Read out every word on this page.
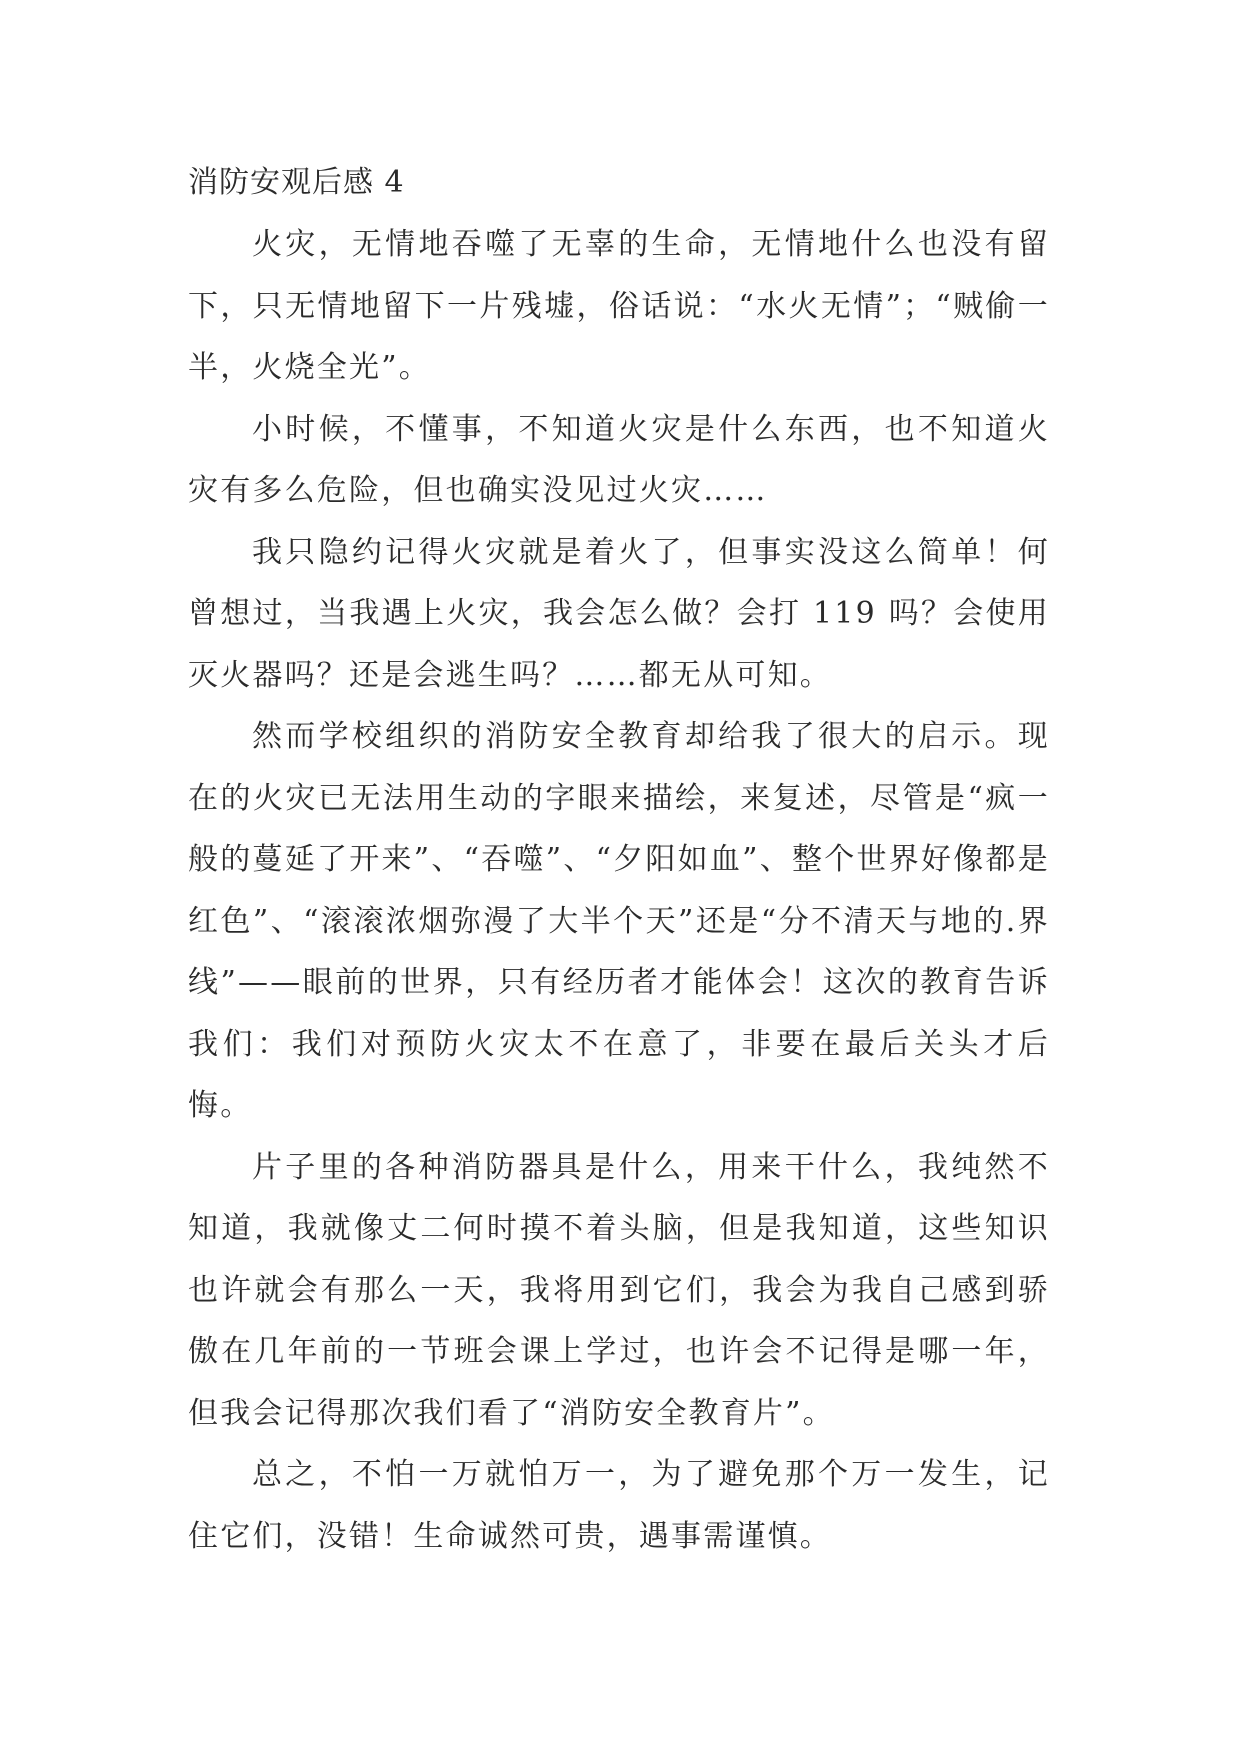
消防安观后感 4

火灾，无情地吞噬了无辜的生命，无情地什么也没有留下，只无情地留下一片残墟，俗话说：“水火无情”；“贼偷一半，火烧全光”。

小时候，不懂事，不知道火灾是什么东西，也不知道火灾有多么危险，但也确实没见过火灾……

我只隐约记得火灾就是着火了，但事实没这么简单！何曾想过，当我遇上火灾，我会怎么做？会打 119 吗？会使用灭火器吗？还是会逃生吗？……都无从可知。

然而学校组织的消防安全教育却给我了很大的启示。现在的火灾已无法用生动的字眼来描绘，来复述，尽管是“疯一般的蔓延了开来”、“吞噬”、“夕阳如血”、整个世界好像都是红色”、“滚滚浓烟弥漫了大半个天”还是“分不清天与地的.界线”——眼前的世界，只有经历者才能体会！这次的教育告诉我们：我们对预防火灾太不在意了，非要在最后关头才后悔。

片子里的各种消防器具是什么，用来干什么，我纯然不知道，我就像丈二何时摸不着头脑，但是我知道，这些知识也许就会有那么一天，我将用到它们，我会为我自己感到骄傲在几年前的一节班会课上学过，也许会不记得是哪一年，但我会记得那次我们看了“消防安全教育片”。

总之，不怕一万就怕万一，为了避免那个万一发生，记住它们，没错！生命诚然可贵，遇事需谨慎。
